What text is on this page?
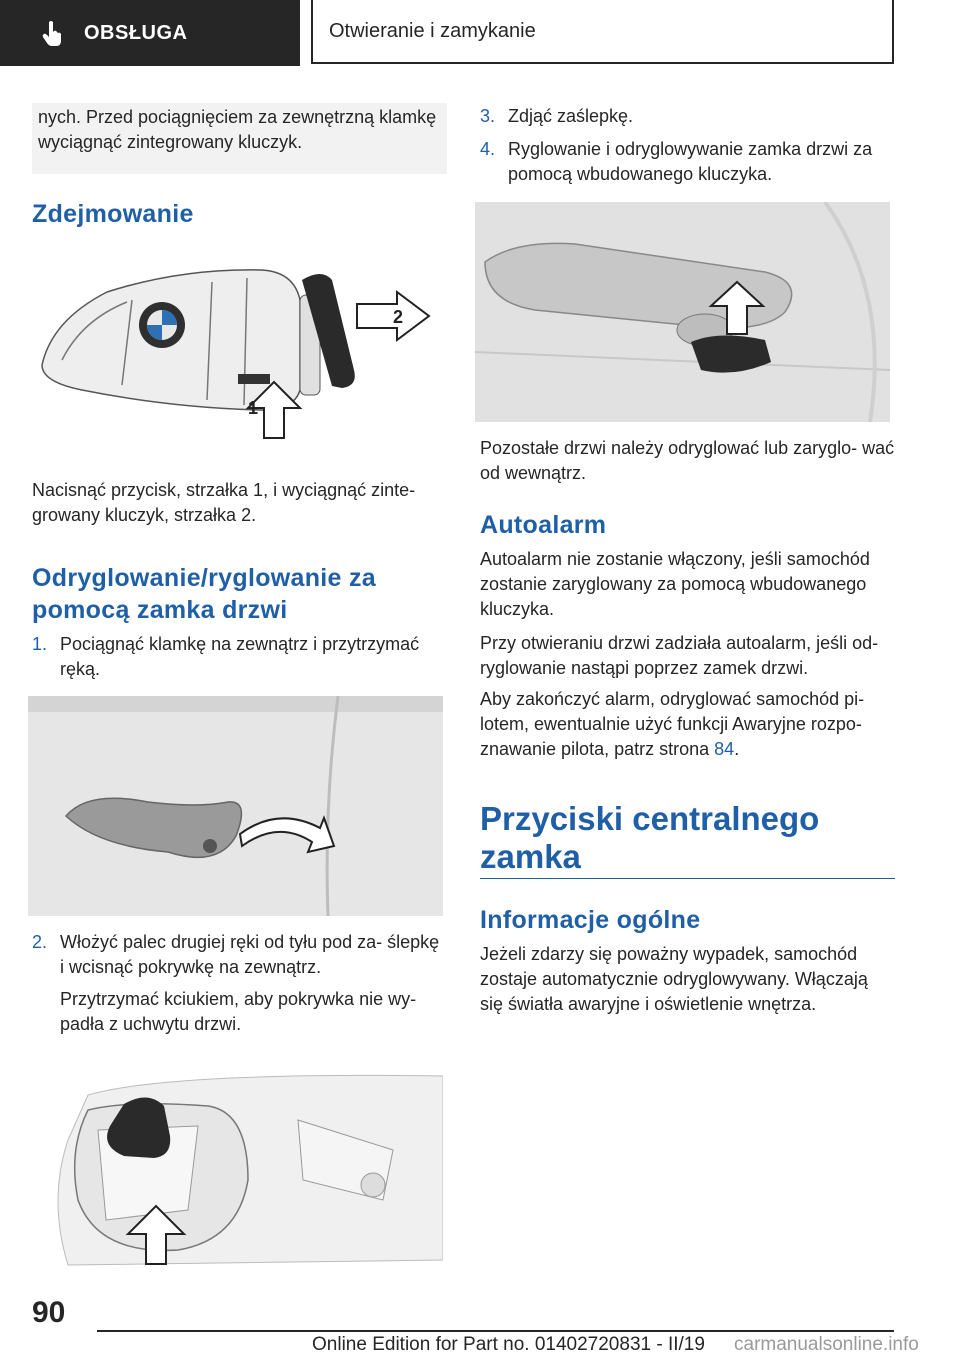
OBSŁUGA	Otwieranie i zamykanie

nych. Przed pociągnięciem za zewnętrzną klamkę wyciągnąć zintegrowany kluczyk.

Zdejmowanie
2
1
Nacisnąć przycisk, strzałka 1, i wyciągnąć zinte‐
growany kluczyk, strzałka 2.
Odryglowanie/ryglowanie za
pomocą zamka drzwi
1. Pociągnąć klamkę na zewnątrz i przytrzymać ręką.
2. Włożyć palec drugiej ręki od tyłu pod za‐ ślepkę i wcisnąć pokrywkę na zewnątrz.
Przytrzymać kciukiem, aby pokrywka nie wy‐ padła z uchwytu drzwi.
3. Zdjąć zaślepkę.
4. Ryglowanie i odryglowywanie zamka drzwi za pomocą wbudowanego kluczyka.
Pozostałe drzwi należy odryglować lub zaryglo‐ wać od wewnątrz.
Autoalarm
Autoalarm nie zostanie włączony, jeśli samochód zostanie zaryglowany za pomocą wbudowanego kluczyka.
Przy otwieraniu drzwi zadziała autoalarm, jeśli od‐ ryglowanie nastąpi poprzez zamek drzwi.
Aby zakończyć alarm, odryglować samochód pi‐ lotem, ewentualnie użyć funkcji Awaryjne rozpo‐ znawanie pilota, patrz strona 84.
Przyciski centralnego
zamka
Informacje ogólne
Jeżeli zdarzy się poważny wypadek, samochód zostaje automatycznie odryglowywany. Włączają się światła awaryjne i oświetlenie wnętrza.
90
Online Edition for Part no. 01402720831 - II/19 carmanualsonline.info
